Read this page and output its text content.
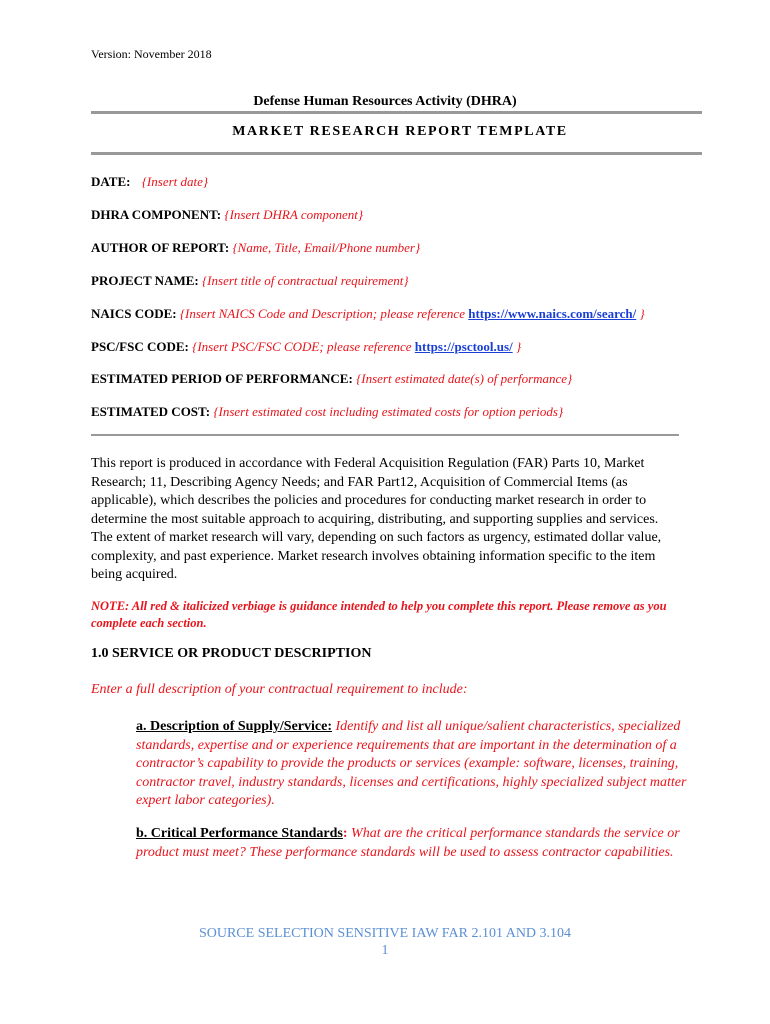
Version: November 2018
Defense Human Resources Activity (DHRA)
MARKET RESEARCH REPORT TEMPLATE
DATE: {Insert date}
DHRA COMPONENT: {Insert DHRA component}
AUTHOR OF REPORT: {Name, Title, Email/Phone number}
PROJECT NAME: {Insert title of contractual requirement}
NAICS CODE: {Insert NAICS Code and Description; please reference https://www.naics.com/search/ }
PSC/FSC CODE: {Insert PSC/FSC CODE; please reference https://psctool.us/ }
ESTIMATED PERIOD OF PERFORMANCE: {Insert estimated date(s) of performance}
ESTIMATED COST: {Insert estimated cost including estimated costs for option periods}
This report is produced in accordance with Federal Acquisition Regulation (FAR) Parts 10, Market Research; 11, Describing Agency Needs; and FAR Part12, Acquisition of Commercial Items (as applicable), which describes the policies and procedures for conducting market research in order to determine the most suitable approach to acquiring, distributing, and supporting supplies and services. The extent of market research will vary, depending on such factors as urgency, estimated dollar value, complexity, and past experience. Market research involves obtaining information specific to the item being acquired.
NOTE: All red & italicized verbiage is guidance intended to help you complete this report. Please remove as you complete each section.
1.0 SERVICE OR PRODUCT DESCRIPTION
Enter a full description of your contractual requirement to include:
a. Description of Supply/Service: Identify and list all unique/salient characteristics, specialized standards, expertise and or experience requirements that are important in the determination of a contractor’s capability to provide the products or services (example: software, licenses, training, contractor travel, industry standards, licenses and certifications, highly specialized subject matter expert labor categories).
b. Critical Performance Standards: What are the critical performance standards the service or product must meet? These performance standards will be used to assess contractor capabilities.
SOURCE SELECTION SENSITIVE IAW FAR 2.101 AND 3.104
1
